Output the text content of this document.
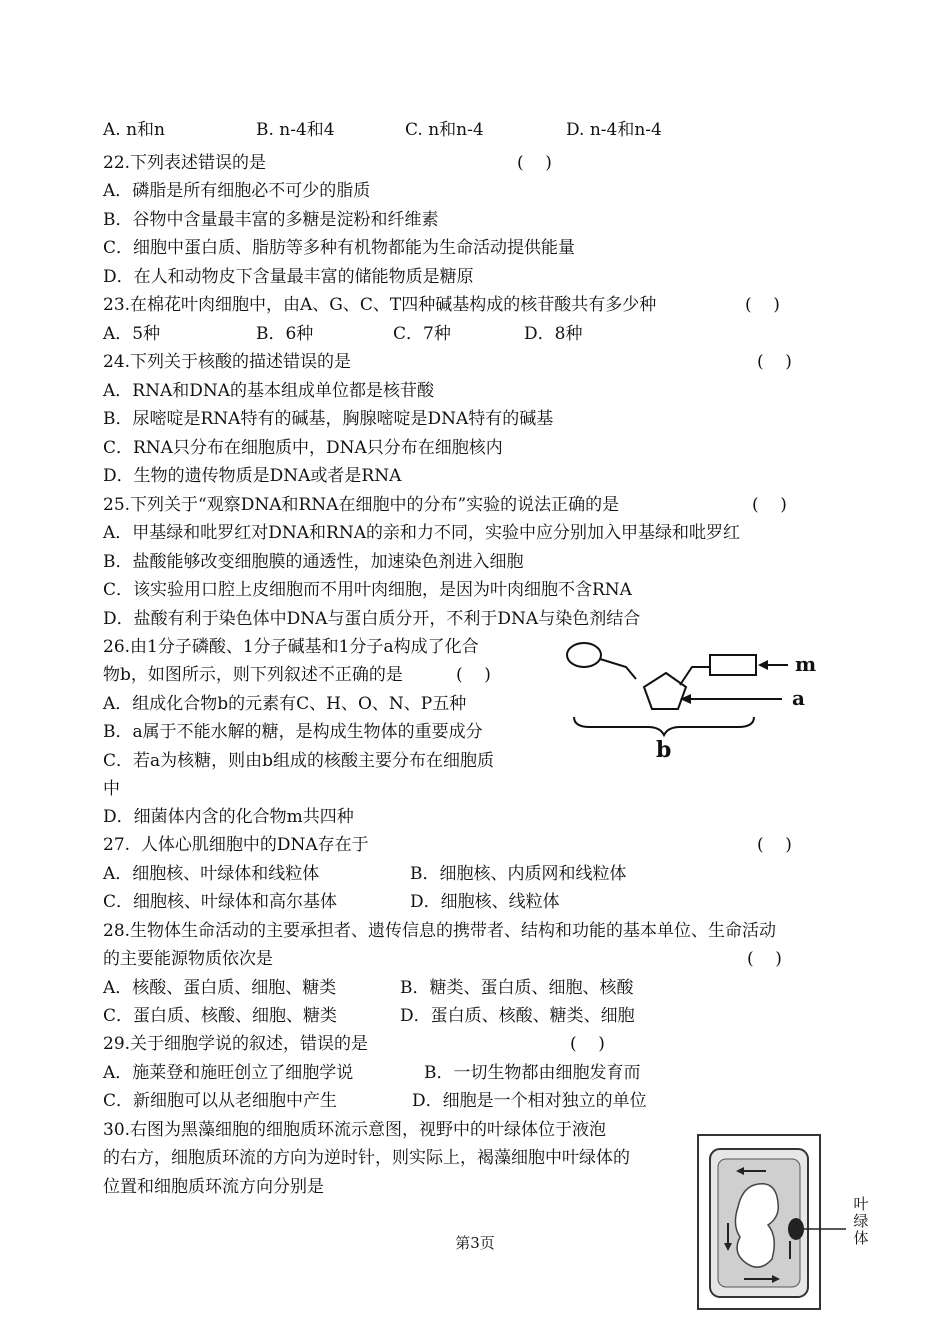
A. n和n	B. n-4和4	C. n和n-4	D. n-4和n-4
22.下列表述错误的是	(    )
A．磷脂是所有细胞必不可少的脂质
B．谷物中含量最丰富的多糖是淀粉和纤维素
C．细胞中蛋白质、脂肪等多种有机物都能为生命活动提供能量
D．在人和动物皮下含量最丰富的储能物质是糖原
23.在棉花叶肉细胞中，由A、G、C、T四种碱基构成的核苷酸共有多少种	(    )
A．5种	B．6种	C．7种	D．8种
24.下列关于核酸的描述错误的是	(    )
A．RNA和DNA的基本组成单位都是核苷酸
B．尿嘧啶是RNA特有的碱基，胸腺嘧啶是DNA特有的碱基
C．RNA只分布在细胞质中，DNA只分布在细胞核内
D．生物的遗传物质是DNA或者是RNA
25.下列关于“观察DNA和RNA在细胞中的分布”实验的说法正确的是	(    )
A．甲基绿和吡罗红对DNA和RNA的亲和力不同，实验中应分别加入甲基绿和吡罗红
B．盐酸能够改变细胞膜的通透性，加速染色剂进入细胞
C．该实验用口腔上皮细胞而不用叶肉细胞，是因为叶肉细胞不含RNA
D．盐酸有利于染色体中DNA与蛋白质分开，不利于DNA与染色剂结合
26.由1分子磷酸、1分子碱基和1分子a构成了化合
物b，如图所示，则下列叙述不正确的是	(    )
A．组成化合物b的元素有C、H、O、N、P五种
B．a属于不能水解的糖，是构成生物体的重要成分
C．若a为核糖，则由b组成的核酸主要分布在细胞质
中
D．细菌体内含的化合物m共四种
m
a
b
27.  人体心肌细胞中的DNA存在于	(    )
A．细胞核、叶绿体和线粒体	B．细胞核、内质网和线粒体
C．细胞核、叶绿体和高尔基体	D．细胞核、线粒体
28.生物体生命活动的主要承担者、遗传信息的携带者、结构和功能的基本单位、生命活动
的主要能源物质依次是	(    )
A．核酸、蛋白质、细胞、糖类	B．糖类、蛋白质、细胞、核酸
C．蛋白质、核酸、细胞、糖类	D．蛋白质、核酸、糖类、细胞
29.关于细胞学说的叙述，错误的是	(    )
A．施莱登和施旺创立了细胞学说	B．一切生物都由细胞发育而
C．新细胞可以从老细胞中产生	D．细胞是一个相对独立的单位
30.右图为黑藻细胞的细胞质环流示意图，视野中的叶绿体位于液泡
的右方，细胞质环流的方向为逆时针，则实际上，褐藻细胞中叶绿体的
位置和细胞质环流方向分别是
叶绿体
第3页
